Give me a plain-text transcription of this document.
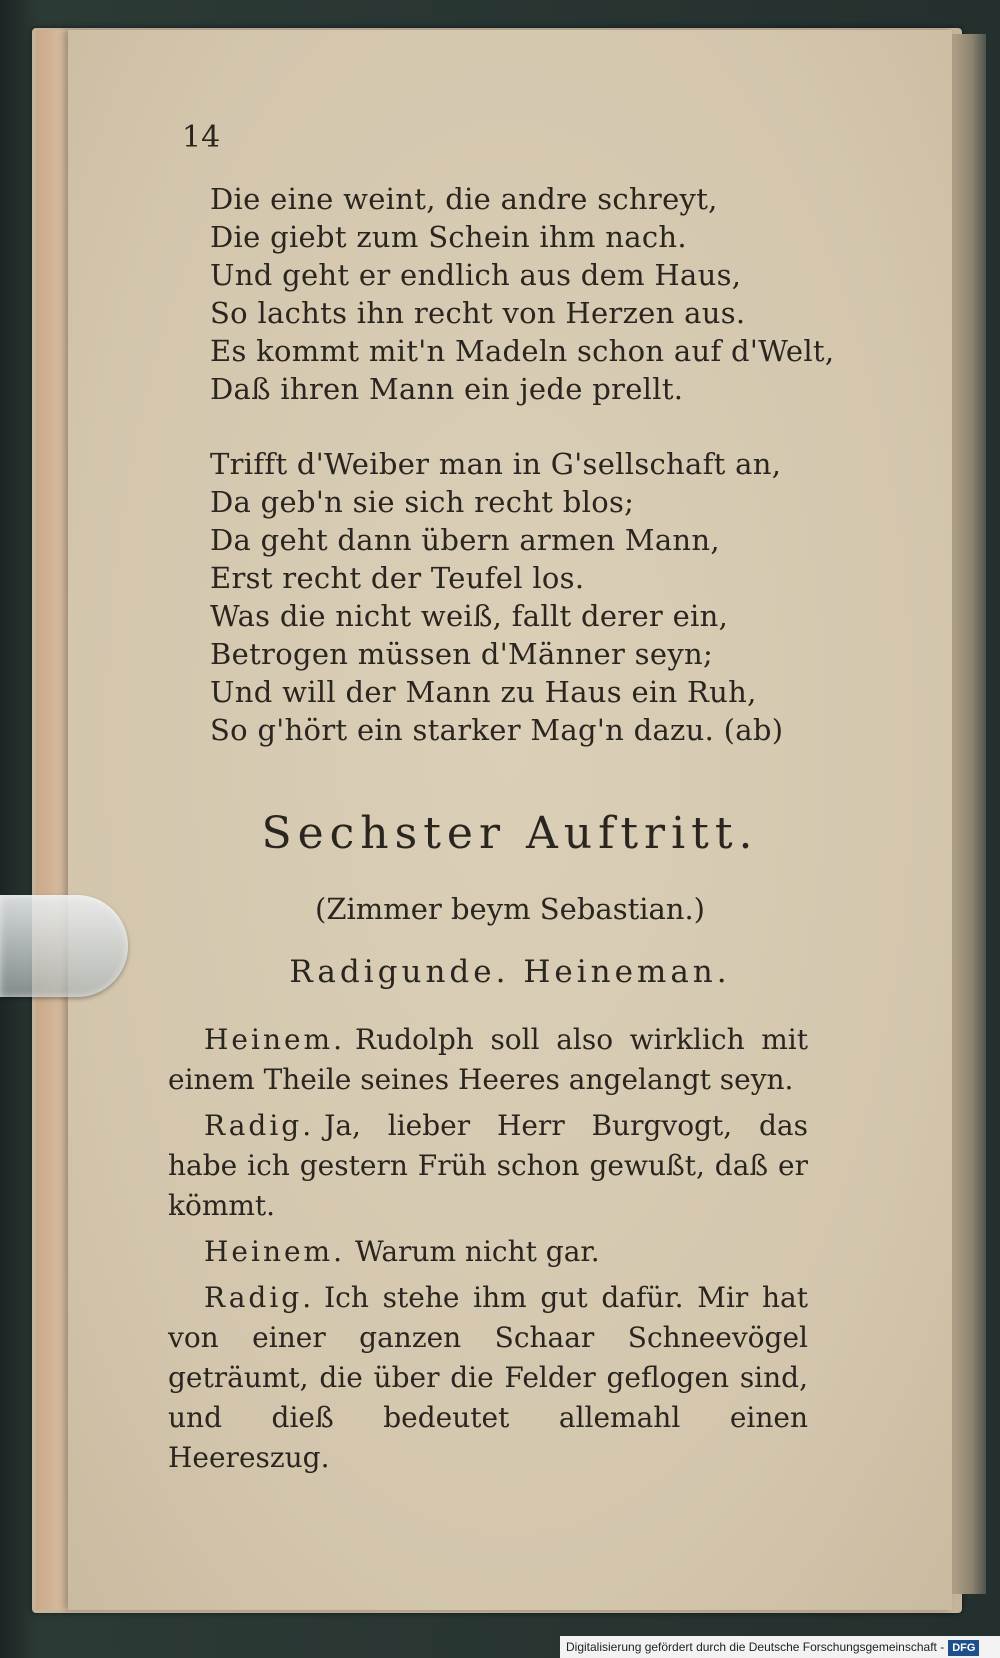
14
Die eine weint, die andre schreyt,
Die giebt zum Schein ihm nach.
Und geht er endlich aus dem Haus,
So lachts ihn recht von Herzen aus.
Es kommt mit'n Madeln schon auf d'Welt,
Daß ihren Mann ein jede prellt.
Trifft d'Weiber man in G'sellschaft an,
Da geb'n sie sich recht blos;
Da geht dann übern armen Mann,
Erst recht der Teufel los.
Was die nicht weiß, fallt derer ein,
Betrogen müssen d'Männer seyn;
Und will der Mann zu Haus ein Ruh,
So g'hört ein starker Mag'n dazu. (ab)
Sechster Auftritt.
(Zimmer beym Sebastian.)
Radigunde. Heineman.
Heinem. Rudolph soll also wirklich mit einem Theile seines Heeres angelangt seyn.
Radig. Ja, lieber Herr Burgvogt, das habe ich gestern Früh schon gewußt, daß er kömmt.
Heinem. Warum nicht gar.
Radig. Ich stehe ihm gut dafür. Mir hat von einer ganzen Schaar Schneevögel geträumt, die über die Felder geflogen sind, und dieß bedeutet allemahl einen Heereszug.
Digitalisierung gefördert durch die Deutsche Forschungsgemeinschaft - DFG
